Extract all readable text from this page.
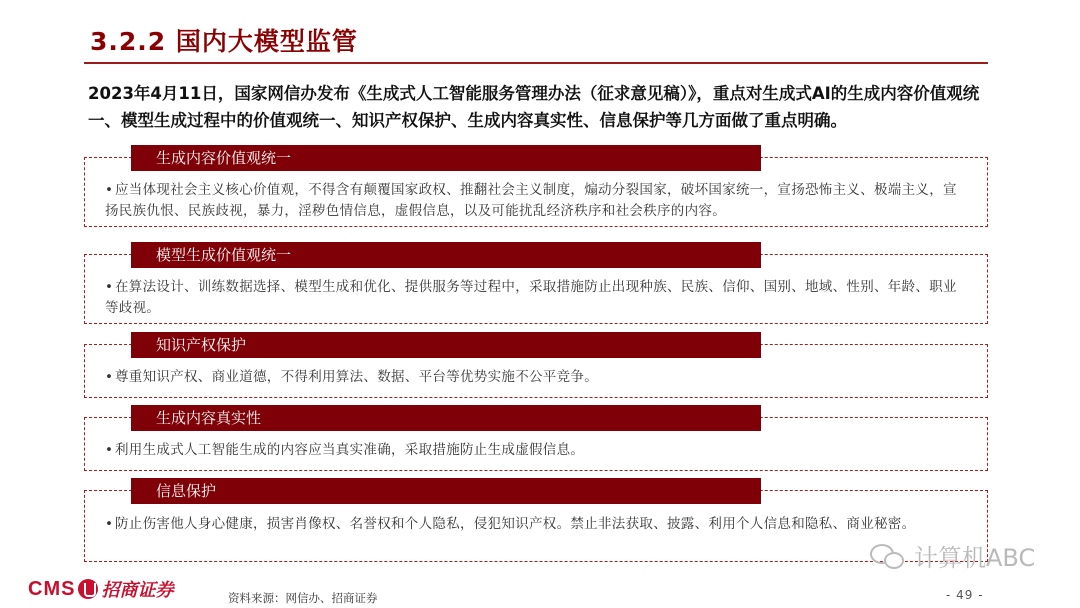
3.2.2 国内大模型监管
2023年4月11日，国家网信办发布《生成式人工智能服务管理办法（征求意见稿）》，重点对生成式AI的生成内容价值观统一、模型生成过程中的价值观统一、知识产权保护、生成内容真实性、信息保护等几方面做了重点明确。
生成内容价值观统一
• 应当体现社会主义核心价值观，不得含有颠覆国家政权、推翻社会主义制度，煽动分裂国家，破坏国家统一，宣扬恐怖主义、极端主义，宣扬民族仇恨、民族歧视，暴力，淫秽色情信息，虚假信息，以及可能扰乱经济秩序和社会秩序的内容。
模型生成价值观统一
• 在算法设计、训练数据选择、模型生成和优化、提供服务等过程中，采取措施防止出现种族、民族、信仰、国别、地域、性别、年龄、职业等歧视。
知识产权保护
• 尊重知识产权、商业道德，不得利用算法、数据、平台等优势实施不公平竞争。
生成内容真实性
• 利用生成式人工智能生成的内容应当真实准确，采取措施防止生成虚假信息。
信息保护
• 防止伤害他人身心健康，损害肖像权、名誉权和个人隐私，侵犯知识产权。禁止非法获取、披露、利用个人信息和隐私、商业秘密。
CMS 招商证券	资料来源：网信办、招商证券
计算机ABC
- 49 -
